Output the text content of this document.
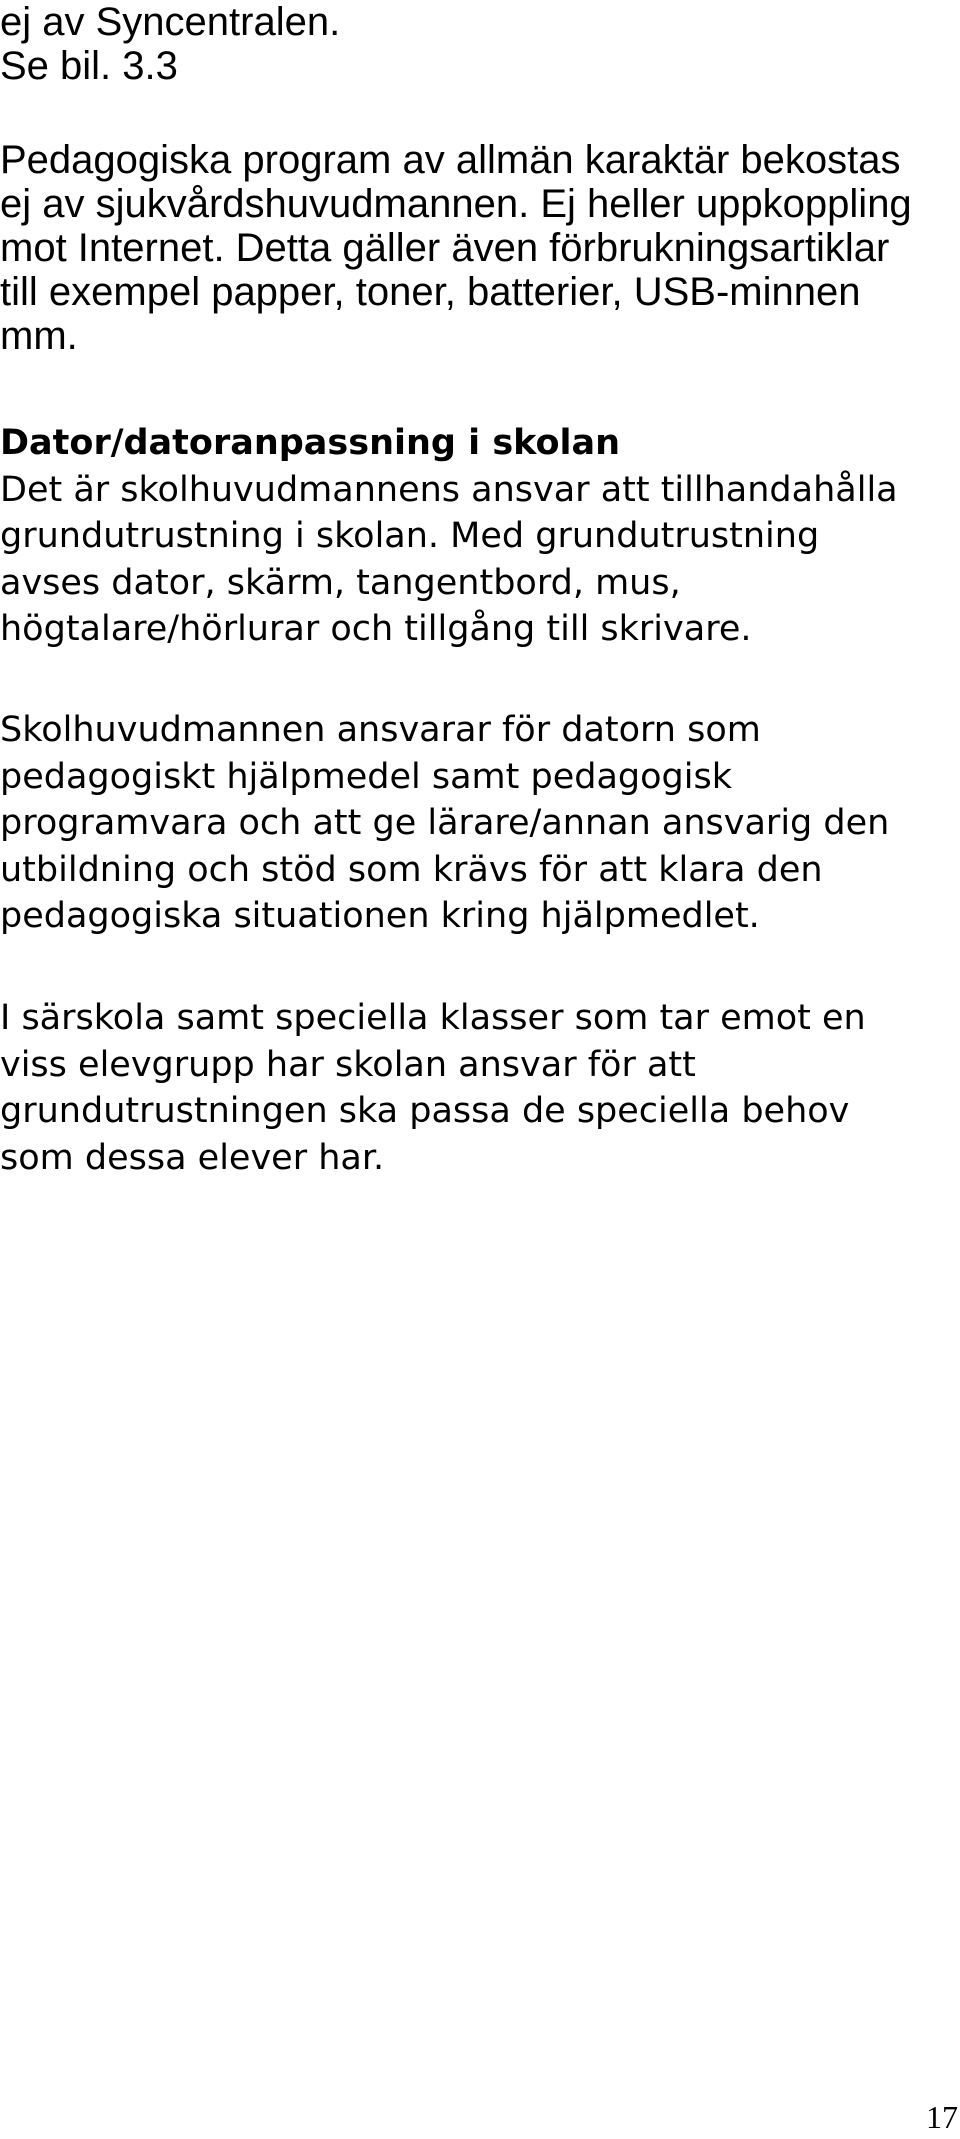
ej av Syncentralen.
Se bil. 3.3

Pedagogiska program av allmän karaktär bekostas
ej av sjukvårdshuvudmannen. Ej heller uppkoppling
mot Internet. Detta gäller även förbrukningsartiklar
till exempel papper, toner, batterier, USB-minnen
mm.

Dator/datoranpassning i skolan
Det är skolhuvudmannens ansvar att tillhandahålla
grundutrustning i skolan. Med grundutrustning
avses dator, skärm, tangentbord, mus,
högtalare/hörlurar och tillgång till skrivare.

Skolhuvudmannen ansvarar för datorn som
pedagogiskt hjälpmedel samt pedagogisk
programvara och att ge lärare/annan ansvarig den
utbildning och stöd som krävs för att klara den
pedagogiska situationen kring hjälpmedlet.

I särskola samt speciella klasser som tar emot en
viss elevgrupp har skolan ansvar för att
grundutrustningen ska passa de speciella behov
som dessa elever har.

17
